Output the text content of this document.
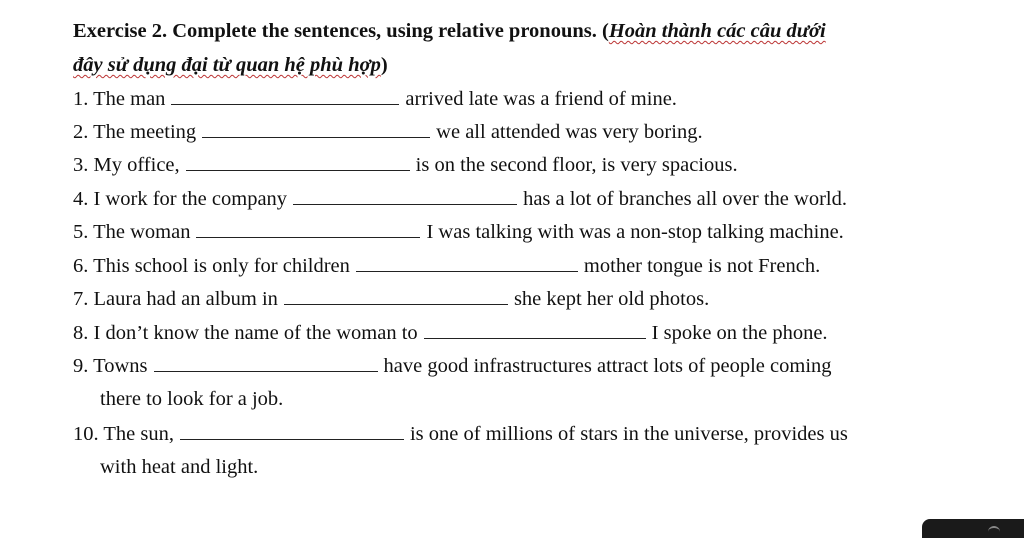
Exercise 2. Complete the sentences, using relative pronouns. (Hoàn thành các câu dưới
đây sử dụng đại từ quan hệ phù hợp)
1. The man	arrived late was a friend of mine.
2. The meeting	we all attended was very boring.
3. My office,	is on the second floor, is very spacious.
4. I work for the company	has a lot of branches all over the world.
5. The woman	I was talking with was a non-stop talking machine.
6. This school is only for children	mother tongue is not French.
7. Laura had an album in	she kept her old photos.
8. I don’t know the name of the woman to	I spoke on the phone.
9. Towns	have good infrastructures attract lots of people coming
there to look for a job.
10. The sun,	is one of millions of stars in the universe, provides us
with heat and light.
